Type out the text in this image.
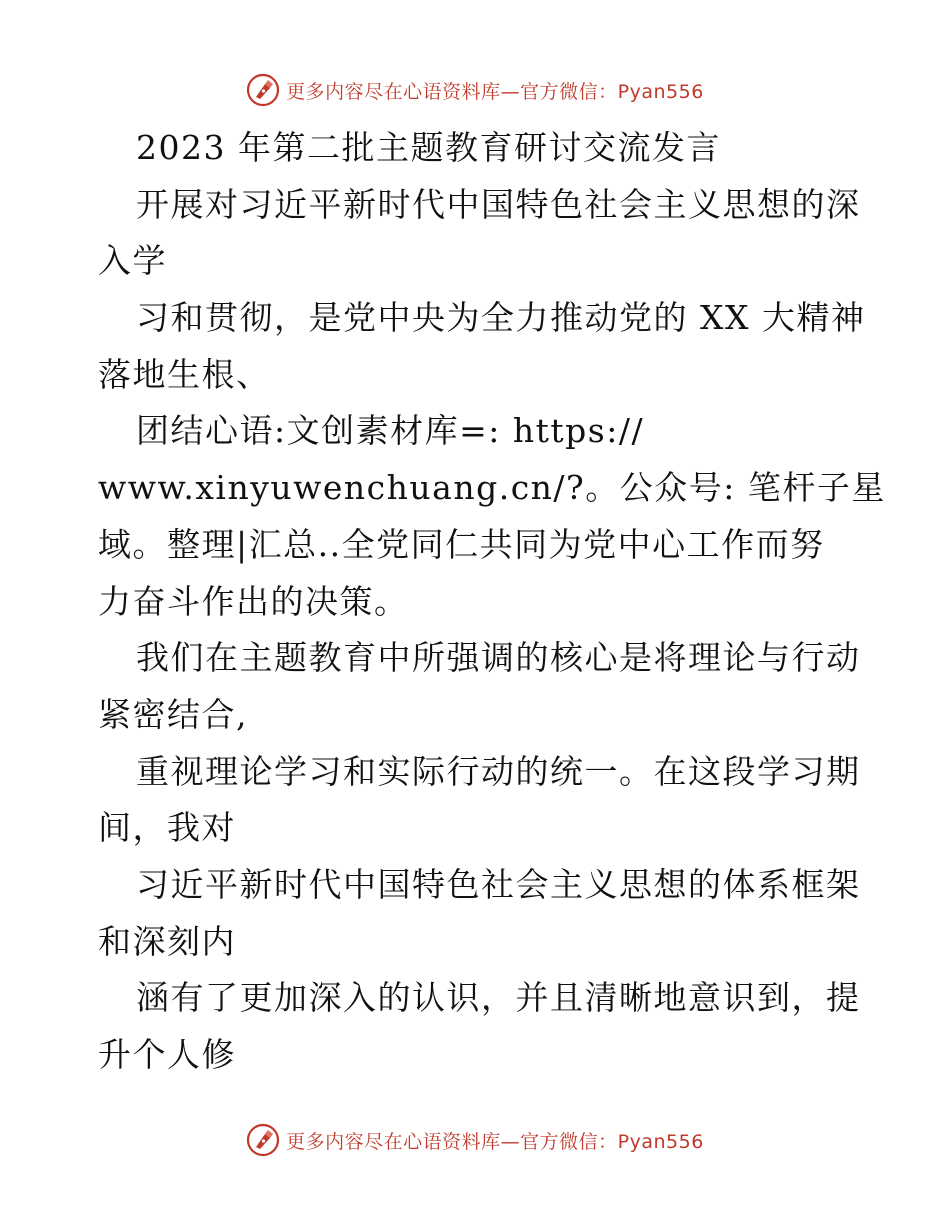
更多内容尽在心语资料库—官方微信：Pyan556
2023 年第二批主题教育研讨交流发言
开展对习近平新时代中国特色社会主义思想的深
入学
习和贯彻，是党中央为全力推动党的 XX 大精神
落地生根、
团结心语:文创素材库=: https://
www.xinyuwenchuang.cn/?。公众号: 笔杆子星
域。整理|汇总..全党同仁共同为党中心工作而努
力奋斗作出的决策。
我们在主题教育中所强调的核心是将理论与行动
紧密结合,
重视理论学习和实际行动的统一。在这段学习期
间，我对
习近平新时代中国特色社会主义思想的体系框架
和深刻内
涵有了更加深入的认识，并且清晰地意识到，提
升个人修
更多内容尽在心语资料库—官方微信：Pyan556
